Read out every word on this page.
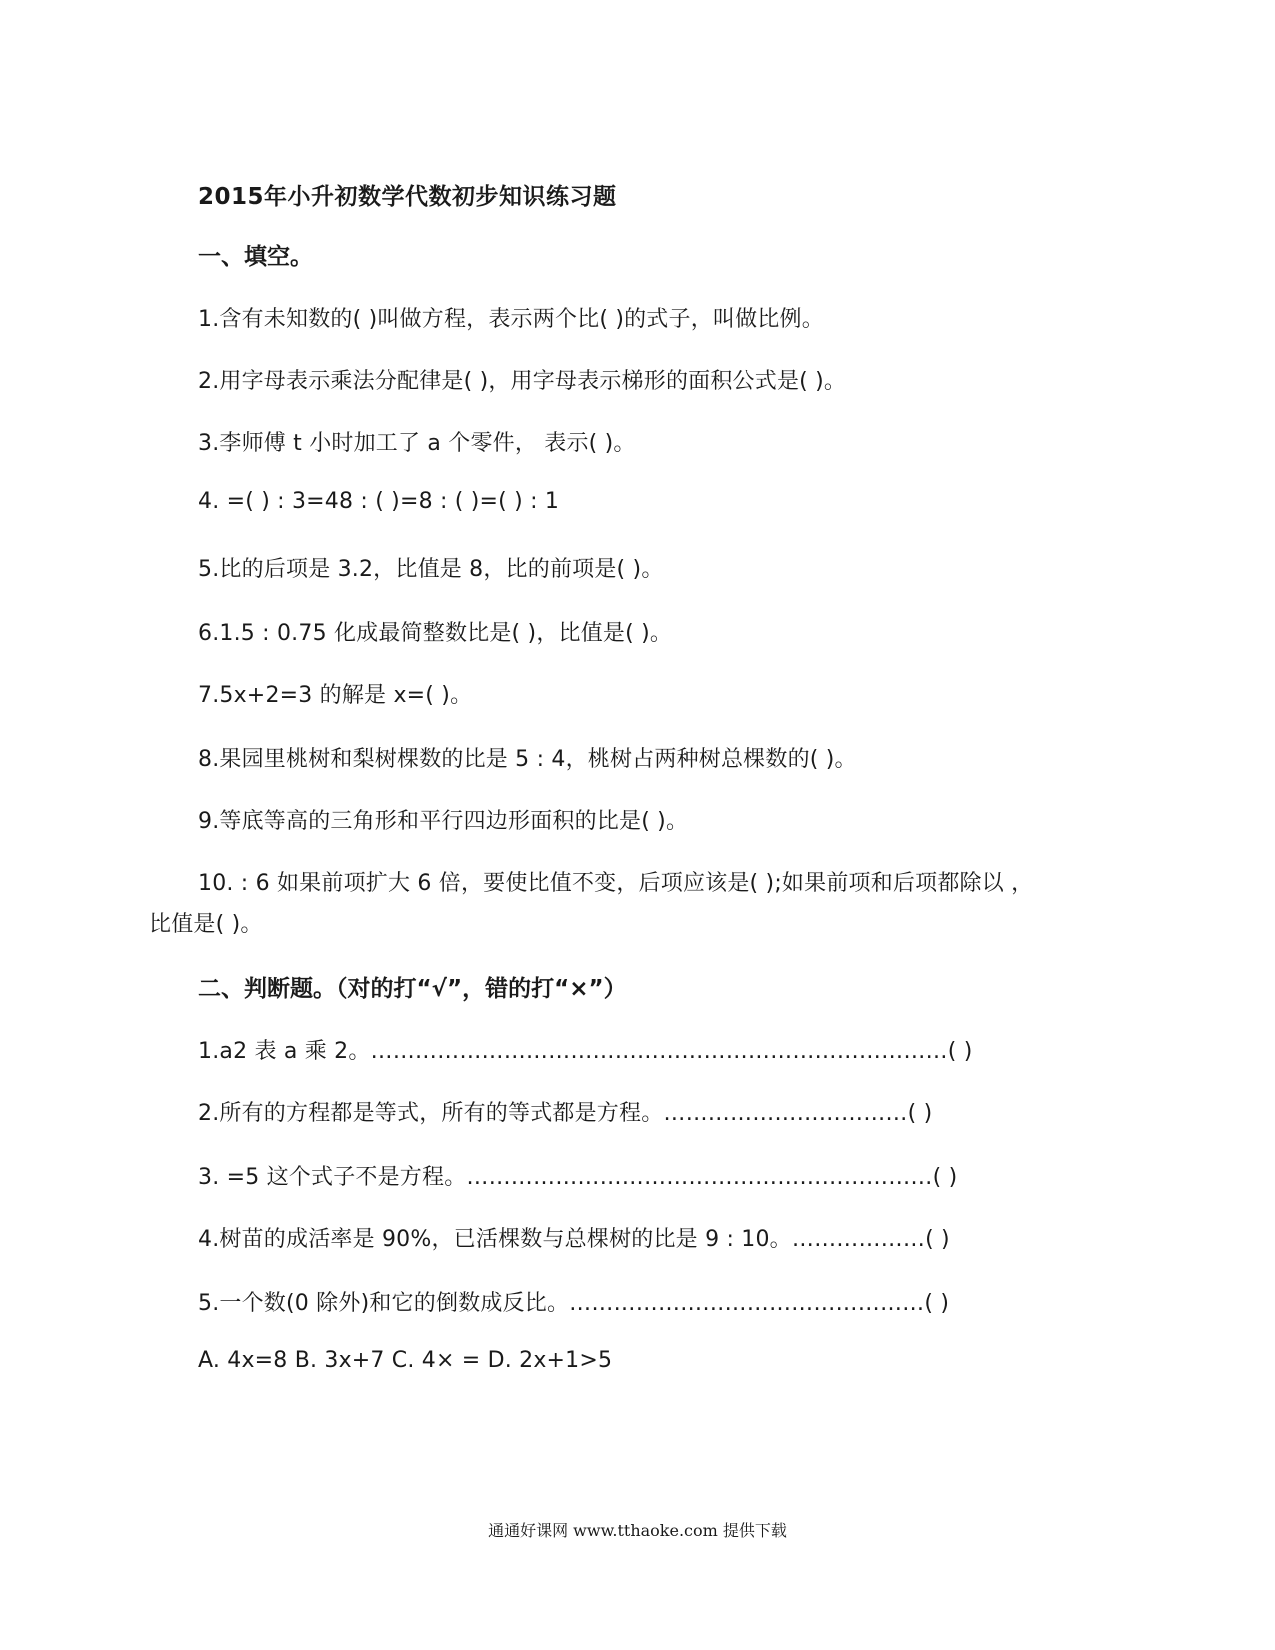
2015年小升初数学代数初步知识练习题
一、填空。
1.含有未知数的( )叫做方程，表示两个比( )的式子，叫做比例。
2.用字母表示乘法分配律是( )，用字母表示梯形的面积公式是( )。
3.李师傅 t 小时加工了 a 个零件， 表示( )。
4. =( ) : 3=48 : ( )=8 : ( )=( ) : 1
5.比的后项是 3.2，比值是 8，比的前项是( )。
6.1.5 : 0.75 化成最简整数比是( )，比值是( )。
7.5x+2=3 的解是 x=( )。
8.果园里桃树和梨树棵数的比是 5 : 4，桃树占两种树总棵数的( )。
9.等底等高的三角形和平行四边形面积的比是( )。
10. : 6 如果前项扩大 6 倍，要使比值不变，后项应该是( );如果前项和后项都除以 ，
比值是( )。
二、判断题。（对的打“√”，错的打“×”）
1.a2 表 a 乘 2。……………………………………………………………………( )
2.所有的方程都是等式，所有的等式都是方程。……………………………( )
3. =5 这个式子不是方程。………………………………………………………( )
4.树苗的成活率是 90%，已活棵数与总棵树的比是 9 : 10。………………( )
5.一个数(0 除外)和它的倒数成反比。…………………………………………( )
A. 4x=8 B. 3x+7 C. 4× = D. 2x+1>5
通通好课网 www.tthaoke.com 提供下载
